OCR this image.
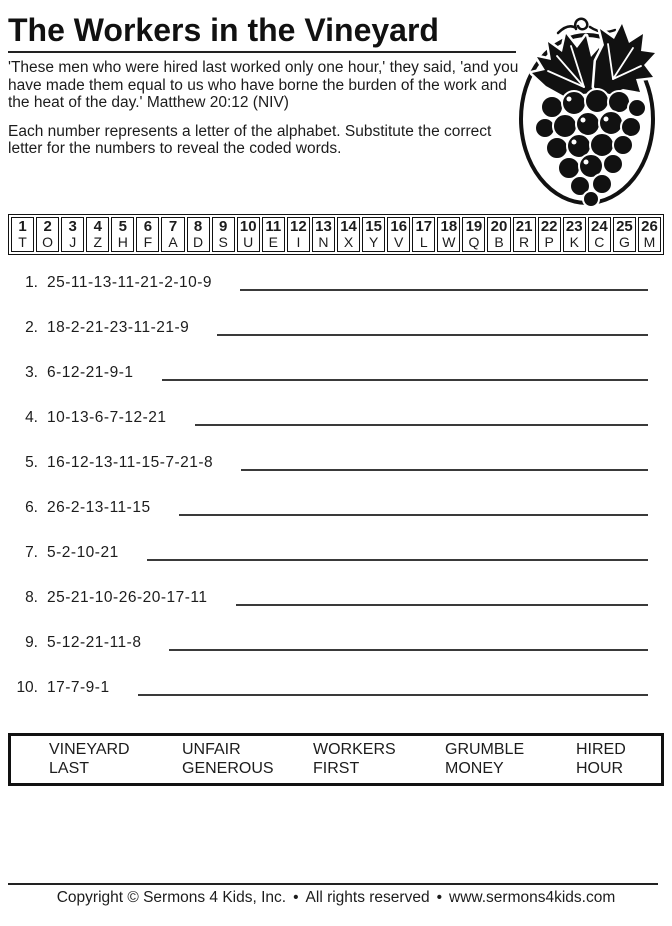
The Workers in the Vineyard

'These men who were hired last worked only one hour,' they said, 'and you have made them equal to us who have borne the burden of the work and the heat of the day.' Matthew 20:12 (NIV)

Each number represents a letter of the alphabet. Substitute the correct letter for the numbers to reveal the coded words.

1
T
2
O
3
J
4
Z
5
H
6
F
7
A
8
D
9
S
10
U
11
E
12
I
13
N
14
X
15
Y
16
V
17
L
18
W
19
Q
20
B
21
R
22
P
23
K
24
C
25
G
26
M
1. 25-11-13-11-21-2-10-9
2. 18-2-21-23-11-21-9
3. 6-12-21-9-1
4. 10-13-6-7-12-21
5. 16-12-13-11-15-7-21-8
6. 26-2-13-11-15
7. 5-2-10-21
8. 25-21-10-26-20-17-11
9. 5-12-21-11-8
10. 17-7-9-1
VINEYARD	UNFAIR	WORKERS	GRUMBLE	HIRED
LAST	GENEROUS	FIRST	MONEY	HOUR
Copyright © Sermons 4 Kids, Inc. • All rights reserved • www.sermons4kids.com
